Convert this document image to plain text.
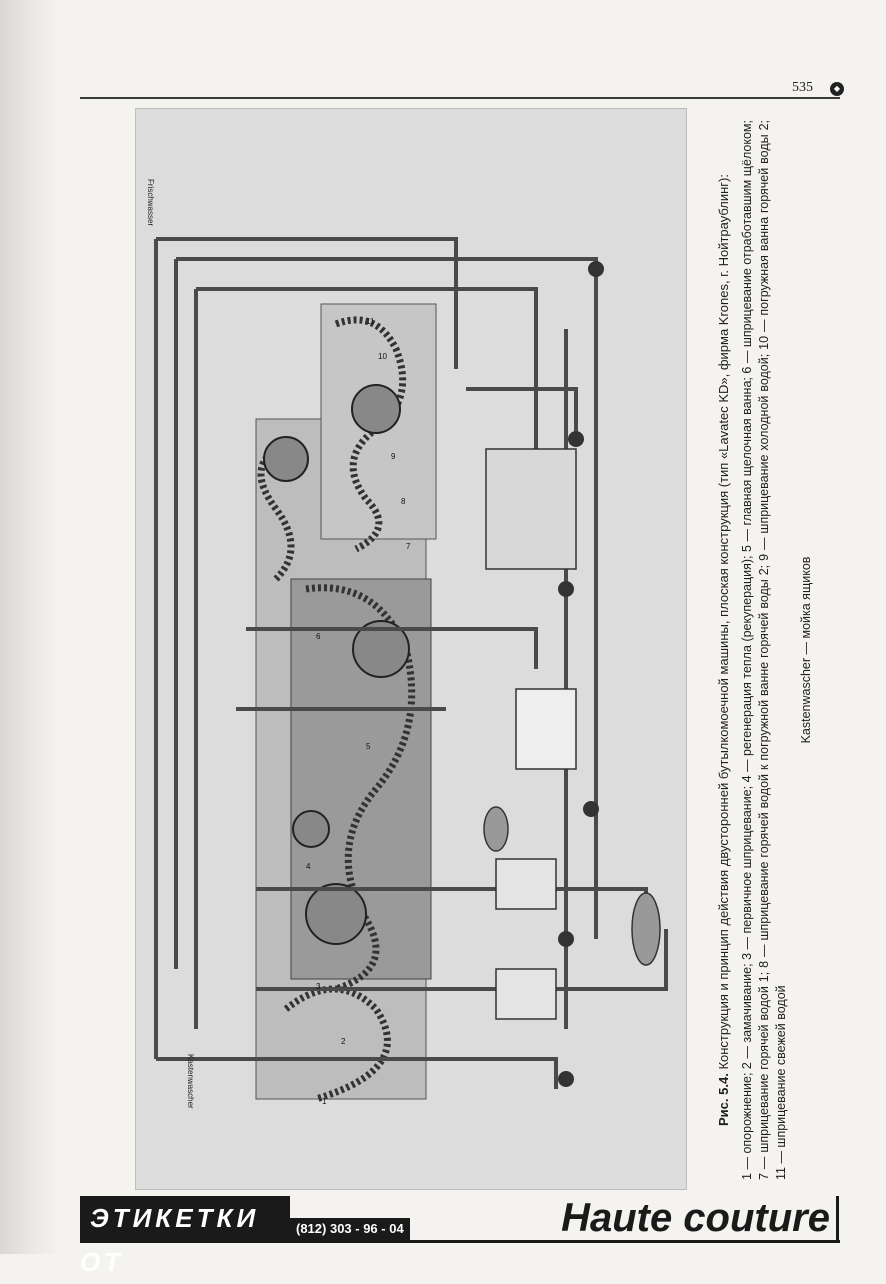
535	◆
Frischwasser
Kastenwascher	1
2
3
4
5
6
7
8
9
10
11

Рис. 5.4. Конструкция и принцип действия двусторонней бутылкомоечной машины, плоская конструкция (тип «Lavatec KD», фирма Krones, г. Нойтраублинг): 1 — опорожнение; 2 — замачивание; 3 — первичное шприцевание; 4 — регенерация тепла (рекуперация); 5 — главная щелочная ванна; 6 — шприцевание отработавшим щёлоком; 7 — шприцевание горячей водой 1; 8 — шприцевание горячей водой к погружной ванне горячей воды 2; 9 — шприцевание холодной водой; 10 — погружная ванна горячей воды 2; 11 — шприцевание свежей водой

Kastenwascher — мойка ящиков

ЭТИКЕТКИ ОТ
(812) 303 - 96 - 04	Haute couture
